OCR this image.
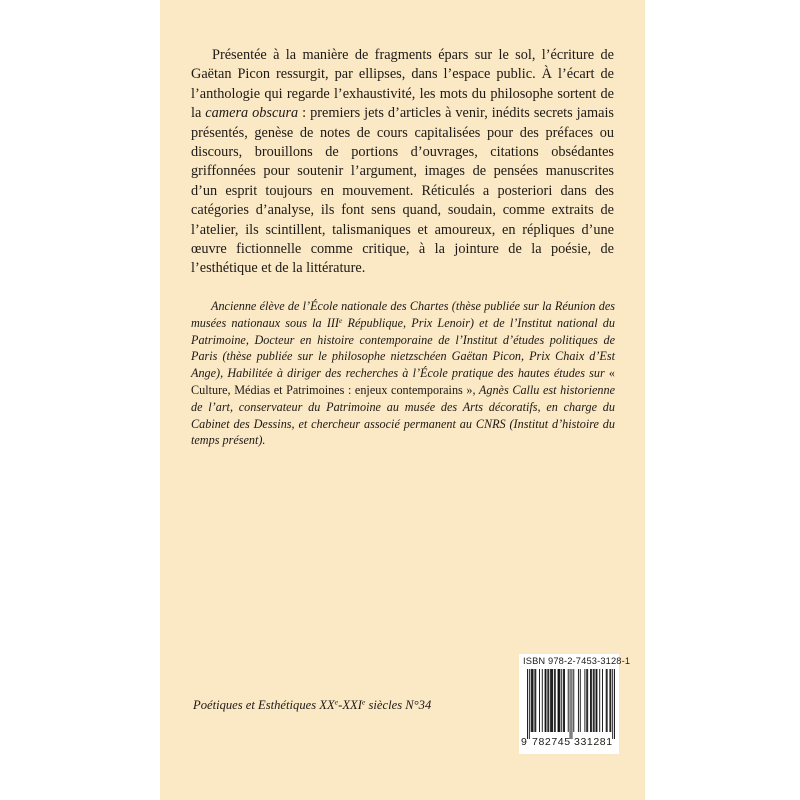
Présentée à la manière de fragments épars sur le sol, l’écriture de Gaëtan Picon ressurgit, par ellipses, dans l’espace public. À l’écart de l’anthologie qui regarde l’exhaustivité, les mots du philosophe sortent de la camera obscura : premiers jets d’articles à venir, inédits secrets jamais présentés, genèse de notes de cours capitalisées pour des préfaces ou discours, brouillons de portions d’ouvrages, citations obsédantes griffonnées pour soutenir l’argument, images de pensées manuscrites d’un esprit toujours en mouvement. Réticulés a posteriori dans des catégories d’analyse, ils font sens quand, soudain, comme extraits de l’atelier, ils scintillent, talismaniques et amoureux, en répliques d’une œuvre fictionnelle comme critique, à la jointure de la poésie, de l’esthétique et de la littérature.

Ancienne élève de l’École nationale des Chartes (thèse publiée sur la Réunion des musées nationaux sous la IIIe République, Prix Lenoir) et de l’Institut national du Patrimoine, Docteur en histoire contemporaine de l’Institut d’études politiques de Paris (thèse publiée sur le philosophe nietzschéen Gaëtan Picon, Prix Chaix d’Est Ange), Habilitée à diriger des recherches à l’École pratique des hautes études sur « Culture, Médias et Patrimoines : enjeux contemporains », Agnès Callu est historienne de l’art, conservateur du Patrimoine au musée des Arts décoratifs, en charge du Cabinet des Dessins, et chercheur associé permanent au CNRS (Institut d’histoire du temps présent).

Poétiques et Esthétiques XXe-XXIe siècles N°34
ISBN 978-2-7453-3128-1
9 782745 331281
